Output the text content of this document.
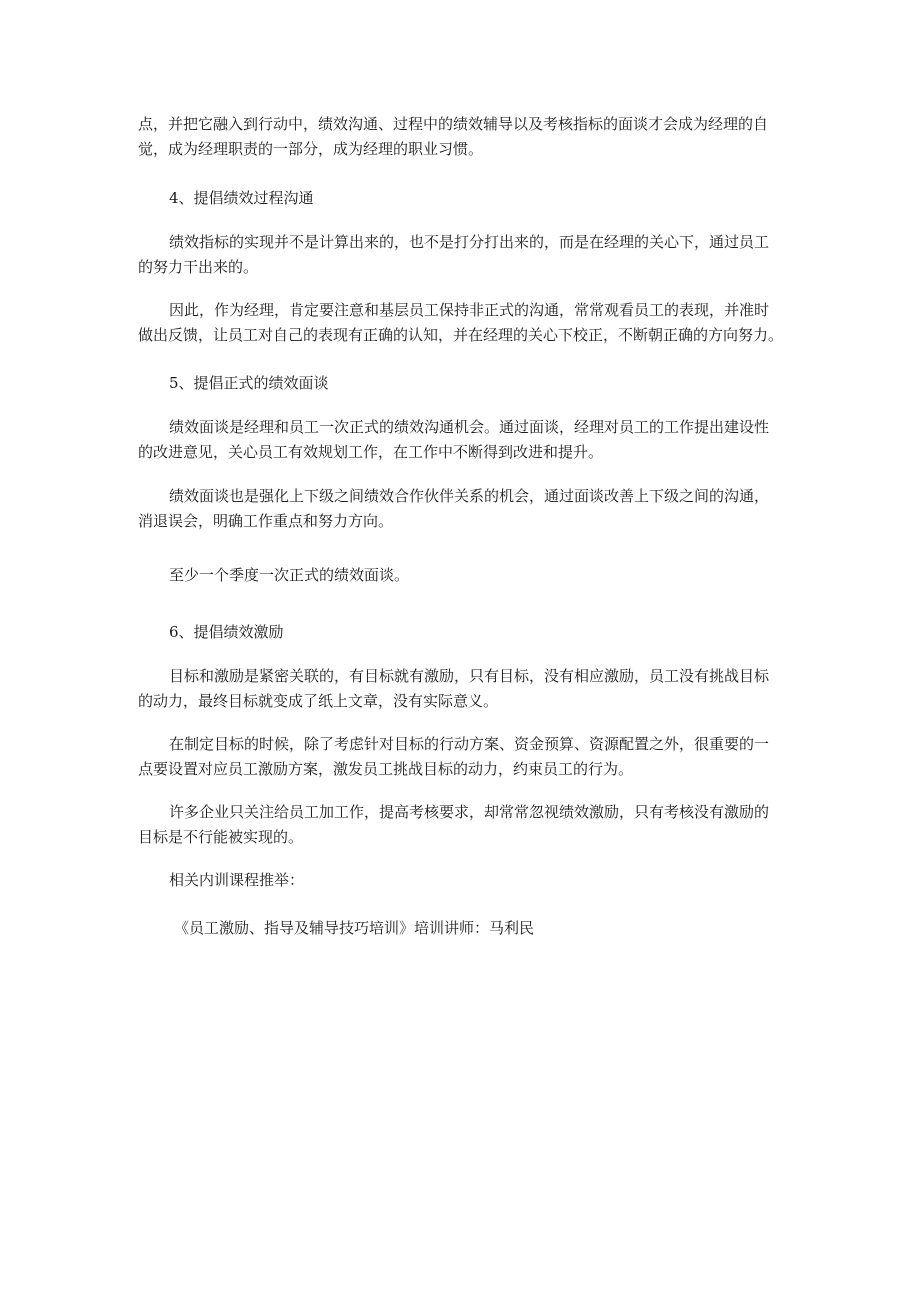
点，并把它融入到行动中，绩效沟通、过程中的绩效辅导以及考核指标的面谈才会成为经理的自
觉，成为经理职责的一部分，成为经理的职业习惯。

4、提倡绩效过程沟通

绩效指标的实现并不是计算出来的，也不是打分打出来的，而是在经理的关心下，通过员工
的努力干出来的。

因此，作为经理，肯定要注意和基层员工保持非正式的沟通，常常观看员工的表现，并准时
做出反馈，让员工对自己的表现有正确的认知，并在经理的关心下校正，不断朝正确的方向努力。

5、提倡正式的绩效面谈

绩效面谈是经理和员工一次正式的绩效沟通机会。通过面谈，经理对员工的工作提出建设性
的改进意见，关心员工有效规划工作，在工作中不断得到改进和提升。

绩效面谈也是强化上下级之间绩效合作伙伴关系的机会，通过面谈改善上下级之间的沟通，
消退误会，明确工作重点和努力方向。

至少一个季度一次正式的绩效面谈。

6、提倡绩效激励

目标和激励是紧密关联的，有目标就有激励，只有目标，没有相应激励，员工没有挑战目标
的动力，最终目标就变成了纸上文章，没有实际意义。

在制定目标的时候，除了考虑针对目标的行动方案、资金预算、资源配置之外，很重要的一
点要设置对应员工激励方案，激发员工挑战目标的动力，约束员工的行为。

许多企业只关注给员工加工作，提高考核要求，却常常忽视绩效激励，只有考核没有激励的
目标是不行能被实现的。

相关内训课程推举：

《员工激励、指导及辅导技巧培训》培训讲师：马利民
